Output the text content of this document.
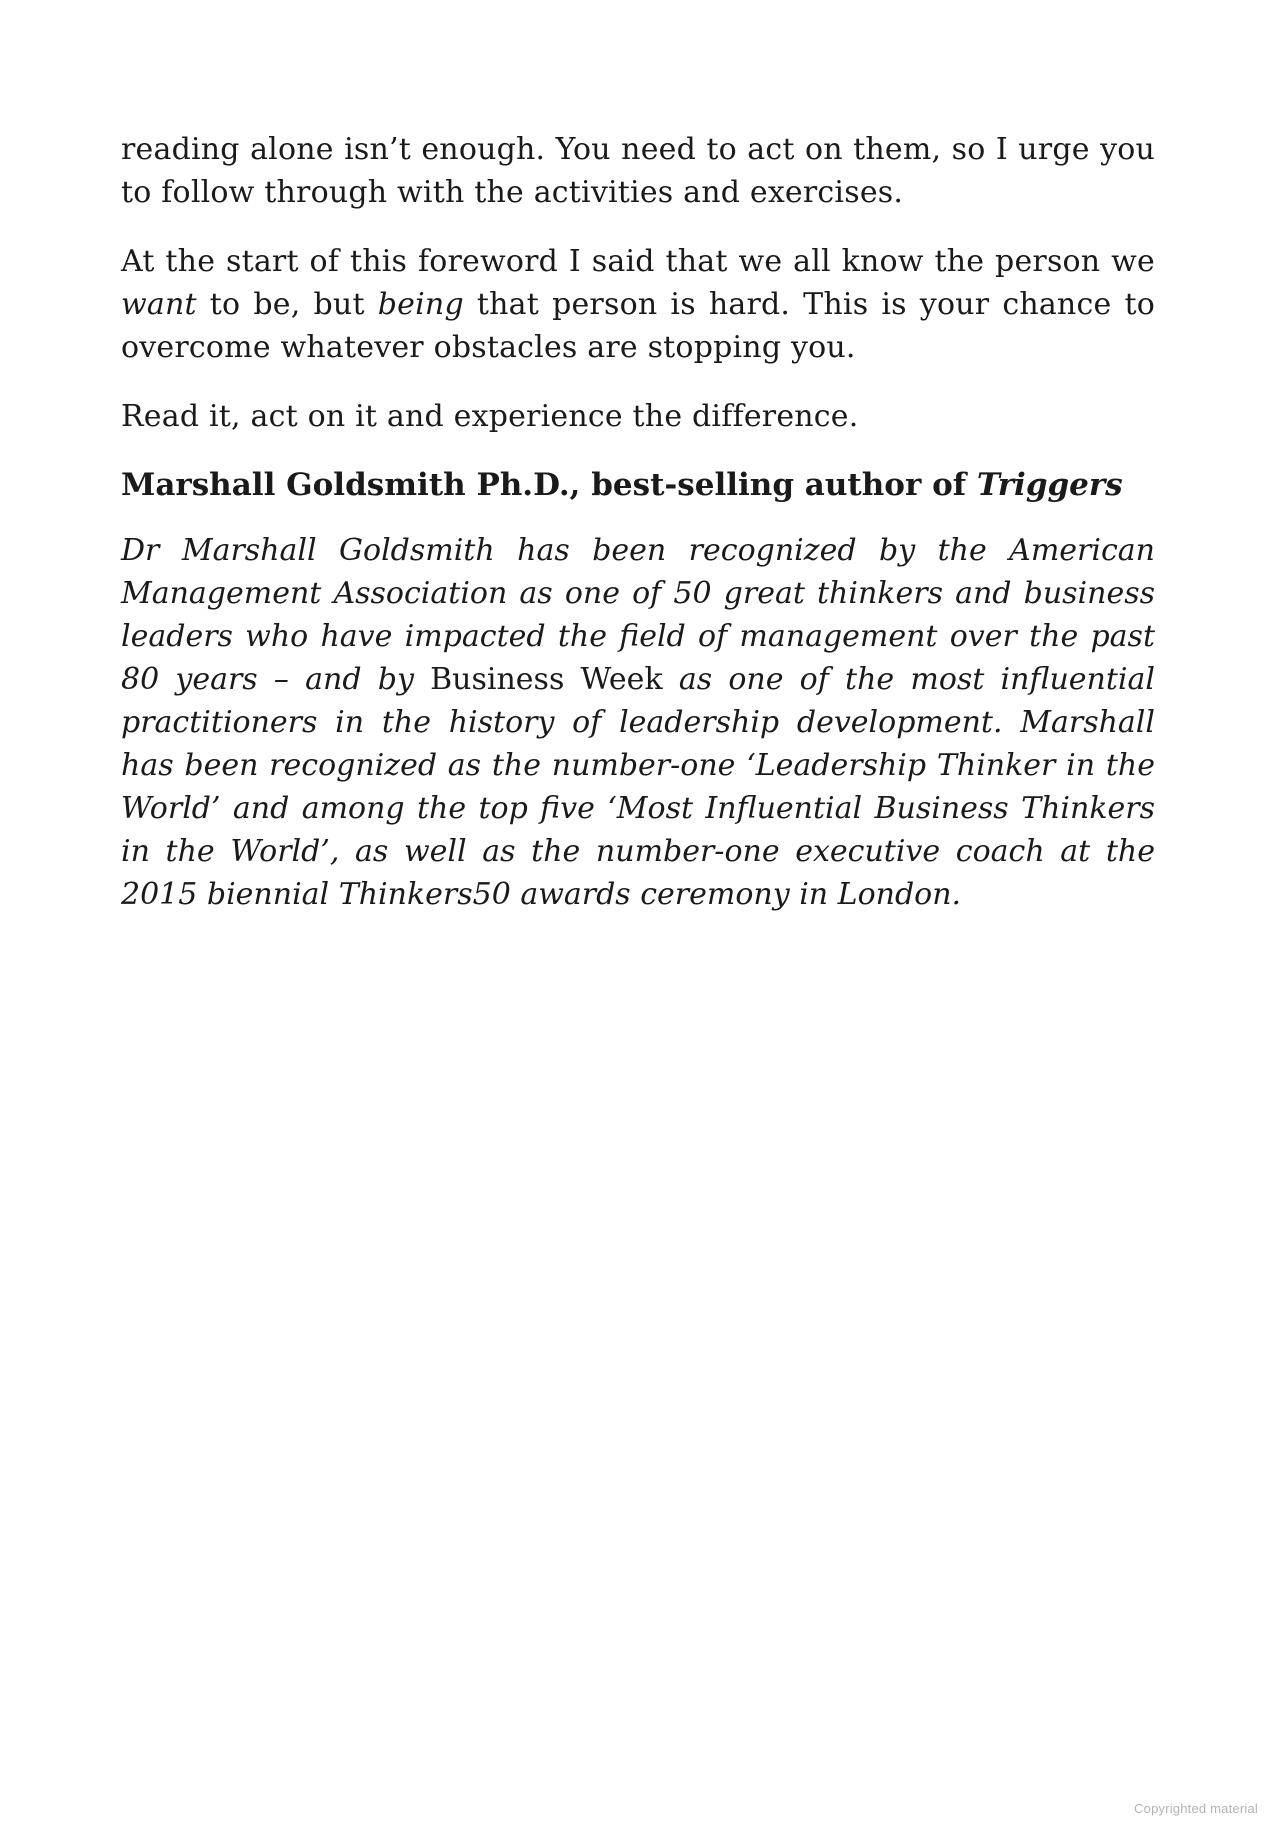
reading alone isn’t enough. You need to act on them, so I urge you to follow through with the activities and exercises.

At the start of this foreword I said that we all know the person we want to be, but being that person is hard. This is your chance to overcome whatever obstacles are stopping you.

Read it, act on it and experience the difference.

Marshall Goldsmith Ph.D., best-selling author of Triggers

Dr Marshall Goldsmith has been recognized by the American Management Association as one of 50 great thinkers and business leaders who have impacted the field of management over the past 80 years – and by Business Week as one of the most influential practitioners in the history of leadership development. Marshall has been recognized as the number-one ‘Leadership Thinker in the World’ and among the top five ‘Most Influential Business Thinkers in the World’, as well as the number-one executive coach at the 2015 biennial Thinkers50 awards ceremony in London.

Copyrighted material
